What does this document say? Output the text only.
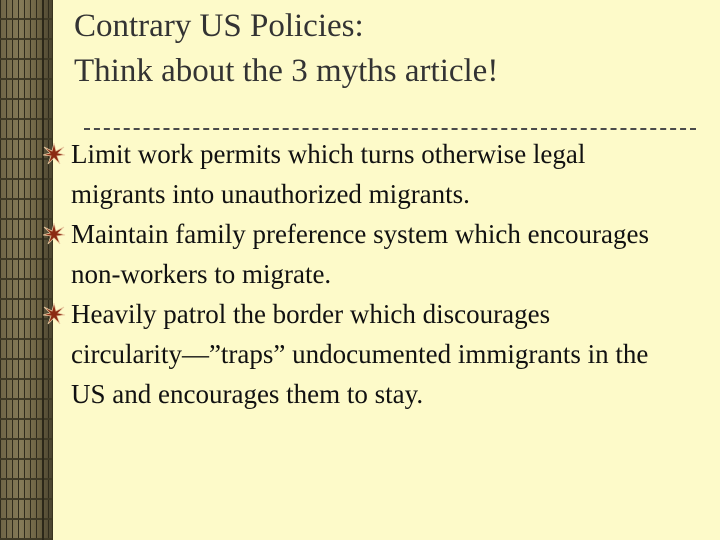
Contrary US Policies:
Think about the 3 myths article!
Limit work permits which turns otherwise legal migrants into unauthorized migrants.
Maintain family preference system which encourages non-workers to migrate.
Heavily patrol the border which discourages circularity—”traps” undocumented immigrants in the US and encourages them to stay.
